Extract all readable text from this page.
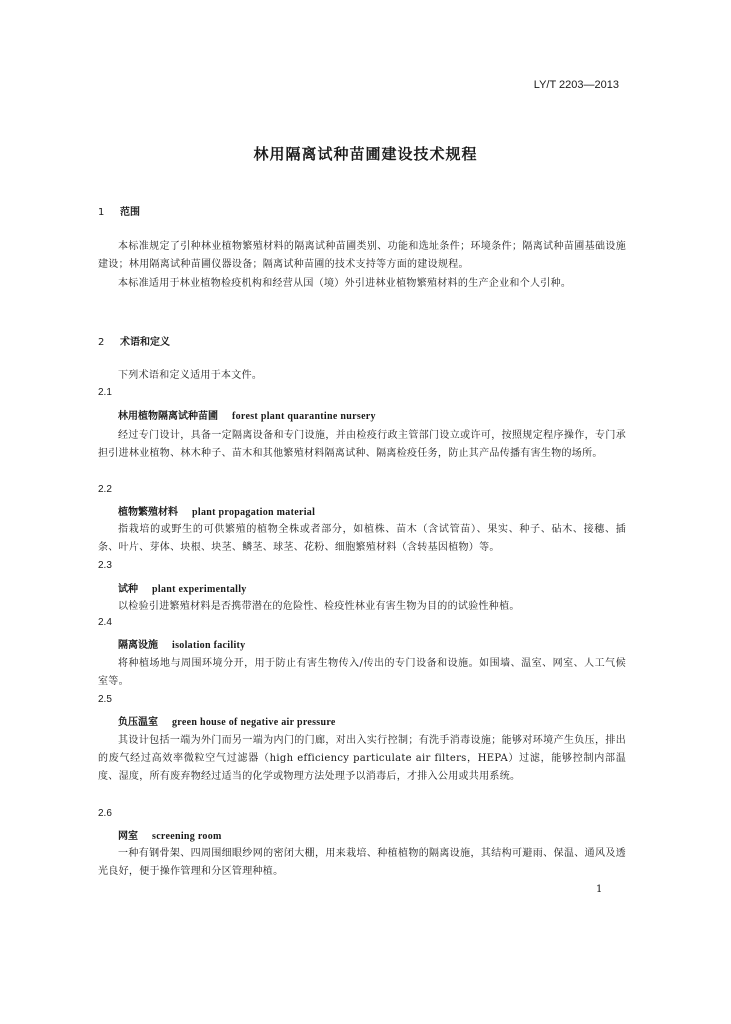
LY/T 2203—2013
林用隔离试种苗圃建设技术规程
1 范围
本标准规定了引种林业植物繁殖材料的隔离试种苗圃类别、功能和选址条件；环境条件；隔离试种苗圃基础设施建设；林用隔离试种苗圃仪器设备；隔离试种苗圃的技术支持等方面的建设规程。
本标准适用于林业植物检疫机构和经营从国（境）外引进林业植物繁殖材料的生产企业和个人引种。
2 术语和定义
下列术语和定义适用于本文件。
2.1
林用植物隔离试种苗圃 forest plant quarantine nursery
经过专门设计，具备一定隔离设备和专门设施，并由检疫行政主管部门设立或许可，按照规定程序操作，专门承担引进林业植物、林木种子、苗木和其他繁殖材料隔离试种、隔离检疫任务，防止其产品传播有害生物的场所。
2.2
植物繁殖材料 plant propagation material
指栽培的或野生的可供繁殖的植物全株或者部分，如植株、苗木（含试管苗）、果实、种子、砧木、接穗、插条、叶片、芽体、块根、块茎、鳞茎、球茎、花粉、细胞繁殖材料（含转基因植物）等。
2.3
试种 plant experimentally
以检验引进繁殖材料是否携带潜在的危险性、检疫性林业有害生物为目的的试验性种植。
2.4
隔离设施 isolation facility
将种植场地与周围环境分开，用于防止有害生物传入/传出的专门设备和设施。如围墙、温室、网室、人工气候室等。
2.5
负压温室 green house of negative air pressure
其设计包括一端为外门而另一端为内门的门廊，对出入实行控制；有洗手消毒设施；能够对环境产生负压，排出的废气经过高效率微粒空气过滤器（high efficiency particulate air filters，HEPA）过滤，能够控制内部温度、湿度，所有废弃物经过适当的化学或物理方法处理予以消毒后，才排入公用或共用系统。
2.6
网室 screening room
一种有钢骨架、四周围细眼纱网的密闭大棚，用来栽培、种植植物的隔离设施，其结构可避雨、保温、通风及透光良好，便于操作管理和分区管理种植。
1
